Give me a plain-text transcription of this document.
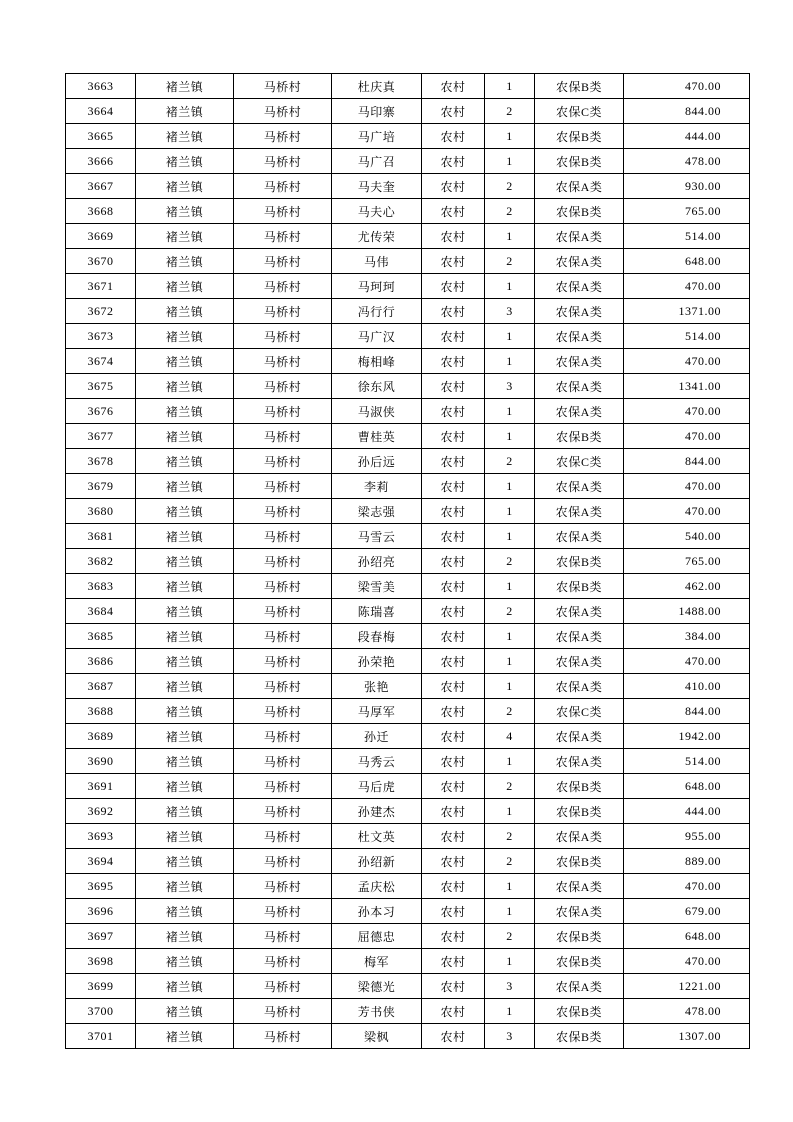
3663	褚兰镇	马桥村	杜庆真	农村	1	农保B类	470.00
3664	褚兰镇	马桥村	马印寨	农村	2	农保C类	844.00
3665	褚兰镇	马桥村	马广培	农村	1	农保B类	444.00
3666	褚兰镇	马桥村	马广召	农村	1	农保B类	478.00
3667	褚兰镇	马桥村	马夫奎	农村	2	农保A类	930.00
3668	褚兰镇	马桥村	马夫心	农村	2	农保B类	765.00
3669	褚兰镇	马桥村	尤传荣	农村	1	农保A类	514.00
3670	褚兰镇	马桥村	马伟	农村	2	农保A类	648.00
3671	褚兰镇	马桥村	马珂珂	农村	1	农保A类	470.00
3672	褚兰镇	马桥村	冯行行	农村	3	农保A类	1371.00
3673	褚兰镇	马桥村	马广汉	农村	1	农保A类	514.00
3674	褚兰镇	马桥村	梅相峰	农村	1	农保A类	470.00
3675	褚兰镇	马桥村	徐东风	农村	3	农保A类	1341.00
3676	褚兰镇	马桥村	马淑侠	农村	1	农保A类	470.00
3677	褚兰镇	马桥村	曹桂英	农村	1	农保B类	470.00
3678	褚兰镇	马桥村	孙后远	农村	2	农保C类	844.00
3679	褚兰镇	马桥村	李莉	农村	1	农保A类	470.00
3680	褚兰镇	马桥村	梁志强	农村	1	农保A类	470.00
3681	褚兰镇	马桥村	马雪云	农村	1	农保A类	540.00
3682	褚兰镇	马桥村	孙绍亮	农村	2	农保B类	765.00
3683	褚兰镇	马桥村	梁雪美	农村	1	农保B类	462.00
3684	褚兰镇	马桥村	陈瑞喜	农村	2	农保A类	1488.00
3685	褚兰镇	马桥村	段春梅	农村	1	农保A类	384.00
3686	褚兰镇	马桥村	孙荣艳	农村	1	农保A类	470.00
3687	褚兰镇	马桥村	张艳	农村	1	农保A类	410.00
3688	褚兰镇	马桥村	马厚军	农村	2	农保C类	844.00
3689	褚兰镇	马桥村	孙迁	农村	4	农保A类	1942.00
3690	褚兰镇	马桥村	马秀云	农村	1	农保A类	514.00
3691	褚兰镇	马桥村	马后虎	农村	2	农保B类	648.00
3692	褚兰镇	马桥村	孙建杰	农村	1	农保B类	444.00
3693	褚兰镇	马桥村	杜文英	农村	2	农保A类	955.00
3694	褚兰镇	马桥村	孙绍新	农村	2	农保B类	889.00
3695	褚兰镇	马桥村	孟庆松	农村	1	农保A类	470.00
3696	褚兰镇	马桥村	孙本习	农村	1	农保A类	679.00
3697	褚兰镇	马桥村	屈德忠	农村	2	农保B类	648.00
3698	褚兰镇	马桥村	梅军	农村	1	农保B类	470.00
3699	褚兰镇	马桥村	梁德光	农村	3	农保A类	1221.00
3700	褚兰镇	马桥村	芳书侠	农村	1	农保B类	478.00
3701	褚兰镇	马桥村	梁枫	农村	3	农保B类	1307.00
